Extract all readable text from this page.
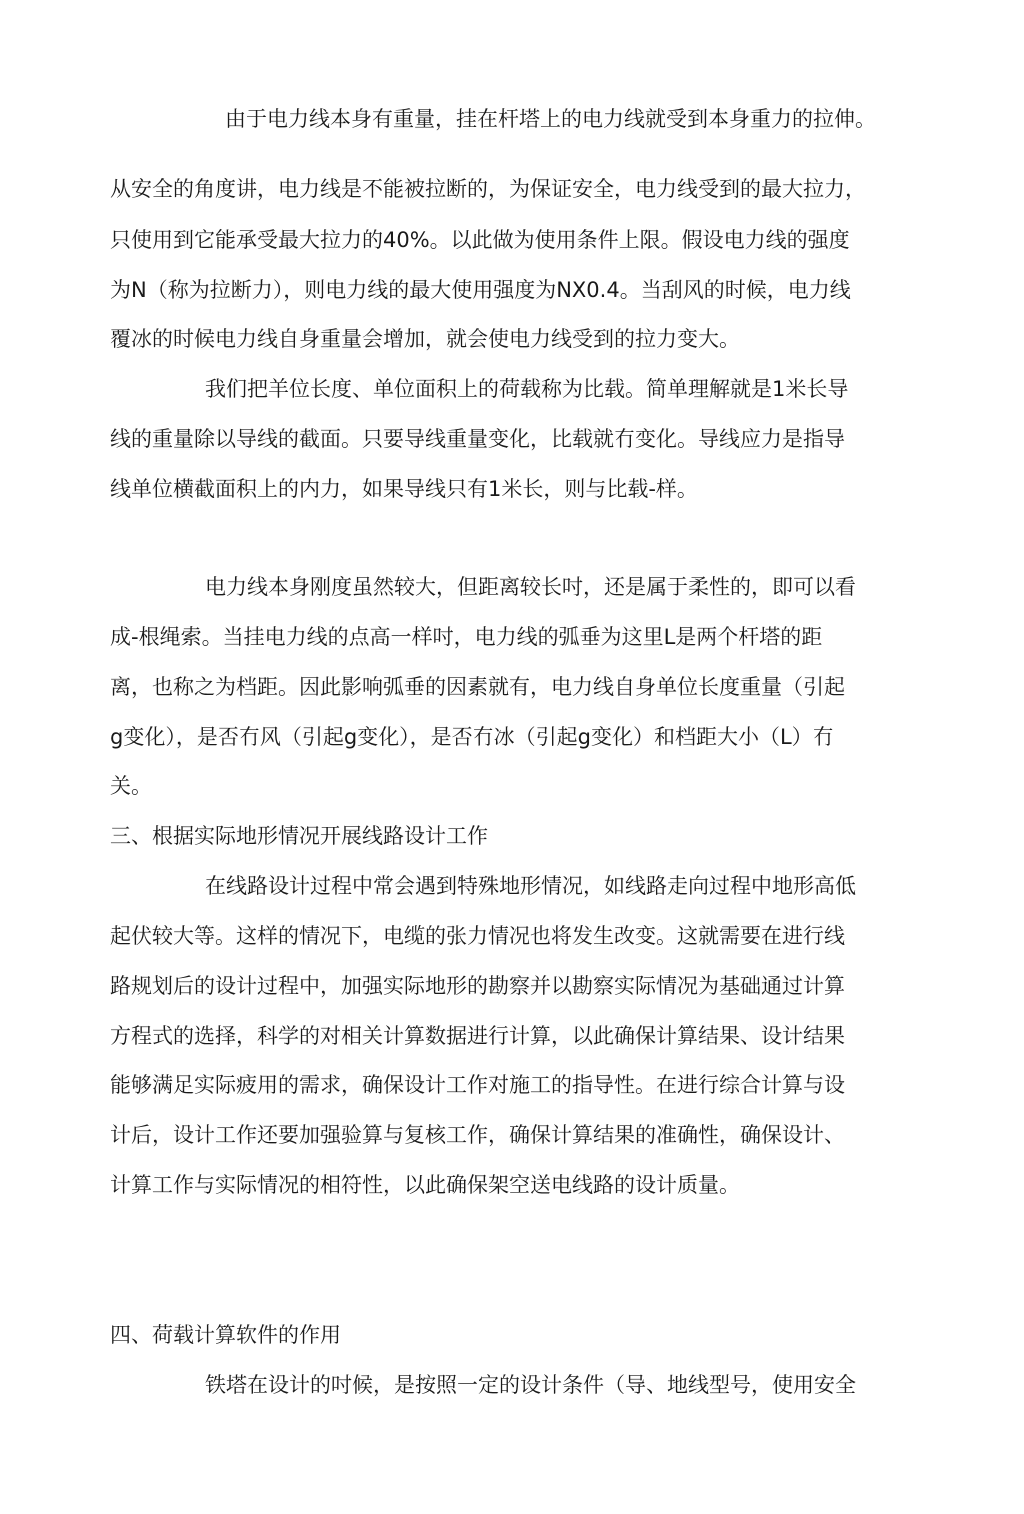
由于电力线本身有重量，挂在杆塔上的电力线就受到本身重力的拉伸。
从安全的角度讲，电力线是不能被拉断的，为保证安全，电力线受到的最大拉力，
只使用到它能承受最大拉力的40%。以此做为使用条件上限。假设电力线的强度
为N（称为拉断力），则电力线的最大使用强度为NX0.4。当刮风的时候，电力线
覆冰的时候电力线自身重量会增加，就会使电力线受到的拉力变大。
我们把羊位长度、单位面积上的荷载称为比载。简单理解就是1米长导
线的重量除以导线的截面。只要导线重量变化，比载就冇变化。导线应力是指导
线单位横截面积上的内力，如果导线只有1米长，则与比载-样。
电力线本身刚度虽然较大，但距离较长吋，还是属于柔性的，即可以看
成-根绳索。当挂电力线的点高一样吋，电力线的弧垂为这里L是两个杆塔的距
离，也称之为档距。因此影响弧垂的因素就有，电力线自身单位长度重量（引起
g变化），是否冇风（引起g变化），是否冇冰（引起g变化）和档距大小（L）冇
关。
三、根据实际地形情况开展线路设计工作
在线路设计过程中常会遇到特殊地形情况，如线路走向过程中地形高低
起伏较大等。这样的情况下，电缆的张力情况也将发生改变。这就需要在进行线
路规划后的设计过程中，加强实际地形的勘察并以勘察实际情况为基础通过计算
方程式的选择，科学的对相关计算数据进行计算，以此确保计算结果、设计结果
能够满足实际疲用的需求，确保设计工作对施工的指导性。在进行综合计算与设
计后，设计工作还要加强验算与复核工作，确保计算结果的准确性，确保设计、
计算工作与实际情况的相符性，以此确保架空送电线路的设计质量。
四、荷载计算软件的作用
铁塔在设计的吋候，是按照一定的设计条件（导、地线型号，使用安全
